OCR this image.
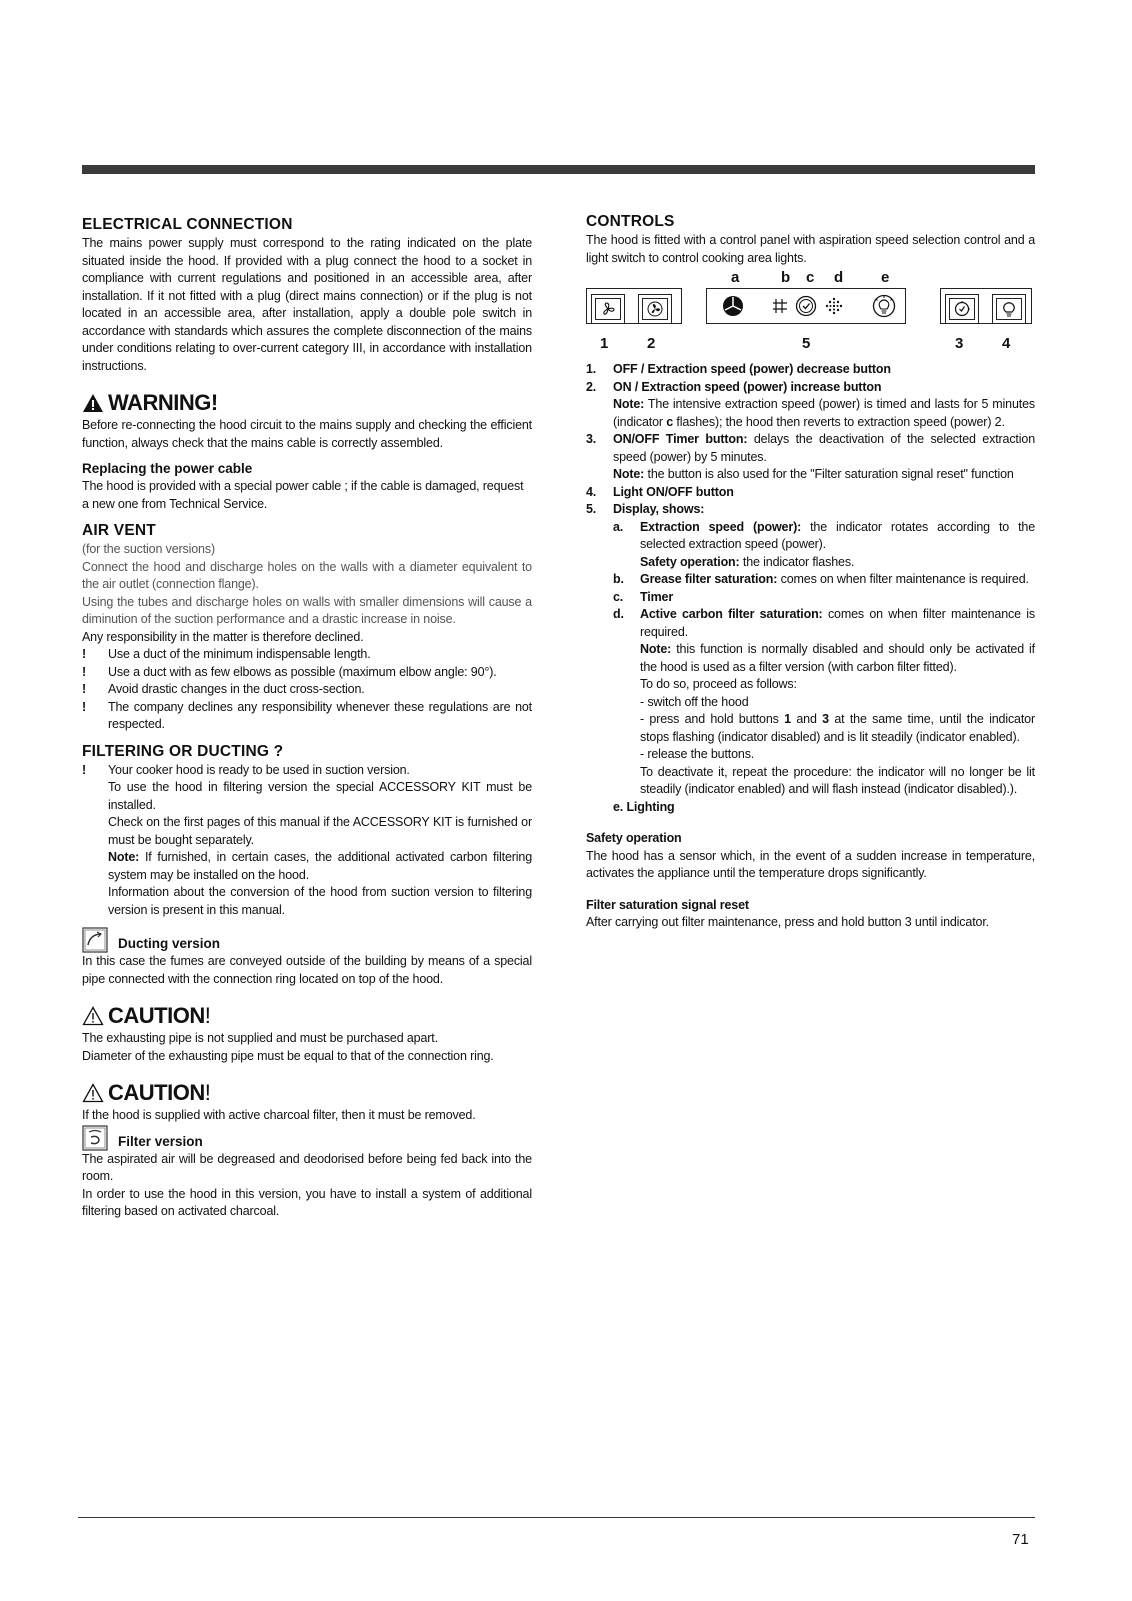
ELECTRICAL CONNECTION

The mains power supply must correspond to the rating indicated on the plate situated inside the hood. If provided with a plug connect the hood to a socket in compliance with current regulations and positioned in an accessible area, after installation. If it not fitted with a plug (direct mains connection) or if the plug is not located in an accessible area, after installation, apply a double pole switch in accordance with standards which assures the complete disconnection of the mains under conditions relating to over-current category III, in accordance with installation instructions.

WARNING!

Before re-connecting the hood circuit to the mains supply and checking the efficient function, always check that the mains cable is correctly assembled.

Replacing the power cable

The hood is provided with a special power cable ; if the cable is damaged, request a new one from Technical Service.

AIR VENT

(for the suction versions)

Connect the hood and discharge holes on the walls with a diameter equivalent to the air outlet (connection flange).

Using the tubes and discharge holes on walls with smaller dimensions will cause a diminution of the suction performance and a drastic increase in noise.

Any responsibility in the matter is therefore declined.

!	Use a duct of the minimum indispensable length.
!	Use a duct with as few elbows as possible (maximum elbow angle: 90°).
!	Avoid drastic changes in the duct cross-section.
!	The company declines any responsibility whenever these regulations are not respected.
FILTERING OR DUCTING ?
!	Your cooker hood is ready to be used in suction version.

To use the hood in filtering version the special ACCESSORY KIT must be installed.

Check on the first pages of this manual if the ACCESSORY KIT is furnished or must be bought separately.

Note: If furnished, in certain cases, the additional activated carbon filtering system may be installed on the hood.

Information about the conversion of the hood from suction version to filtering version is present in this manual.

Ducting version

In this case the fumes are conveyed outside of the building by means of a special pipe connected with the connection ring located on top of the hood.

CAUTION !

The exhausting pipe is not supplied and must be purchased apart.

Diameter of the exhausting pipe must be equal to that of the connection ring.

CAUTION !

If the hood is supplied with active charcoal filter, then it must be removed.

Filter version

The aspirated air will be degreased and deodorised before being fed back into the room.

In order to use the hood in this version, you have to install a system of additional filtering based on activated charcoal.

CONTROLS

The hood is fitted with a control panel with aspiration speed selection control and a light switch to control cooking area lights.

a	b c d	e
1	2	5	3	4
1.	OFF / Extraction speed (power) decrease button
2.	ON / Extraction speed (power) increase button
Note: The intensive extraction speed (power) is timed and lasts for 5 minutes (indicator c flashes); the hood then reverts to extraction speed (power) 2.
3.	ON/OFF Timer button: delays the deactivation of the selected extraction speed (power) by 5 minutes.
Note: the button is also used for the "Filter saturation signal reset" function
4.	Light ON/OFF button
5.	Display, shows:
a.	Extraction speed (power): the indicator rotates according to the selected extraction speed (power).
Safety operation: the indicator flashes.
b.	Grease filter saturation: comes on when filter maintenance is required.
c.	Timer
d.	Active carbon filter saturation: comes on when filter maintenance is required.
Note: this function is normally disabled and should only be activated if the hood is used as a filter version (with carbon filter fitted).
To do so, proceed as follows:
- switch off the hood
- press and hold buttons 1 and 3 at the same time, until the indicator stops flashing (indicator disabled) and is lit steadily (indicator enabled).
- release the buttons.
To deactivate it, repeat the procedure: the indicator will no longer be lit steadily (indicator enabled) and will flash instead (indicator disabled).).
e. Lighting

Safety operation

The hood has a sensor which, in the event of a sudden increase in temperature, activates the appliance until the temperature drops significantly.

Filter saturation signal reset

After carrying out filter maintenance, press and hold button 3 until indicator.

71
